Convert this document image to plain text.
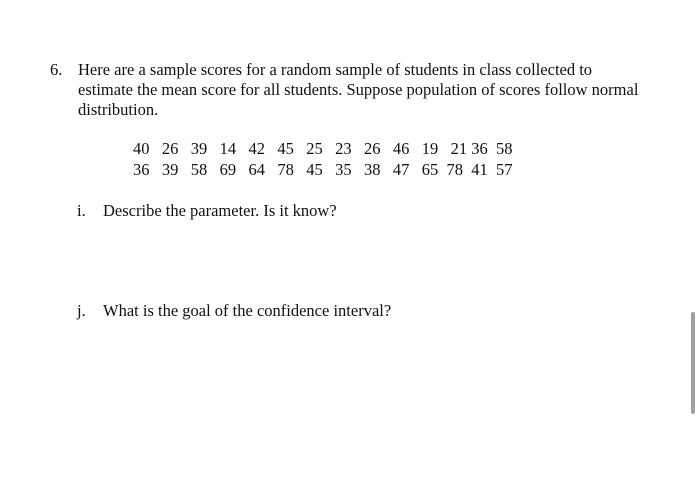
6. Here are a sample scores for a random sample of students in class collected to
estimate the mean score for all students. Suppose population of scores follow normal
distribution.
40   26   39   14   42   45   25   23   26   46   19   21 36  58
36   39   58   69   64   78   45   35   38   47   65  78  41  57
i. Describe the parameter. Is it know?
j. What is the goal of the confidence interval?
